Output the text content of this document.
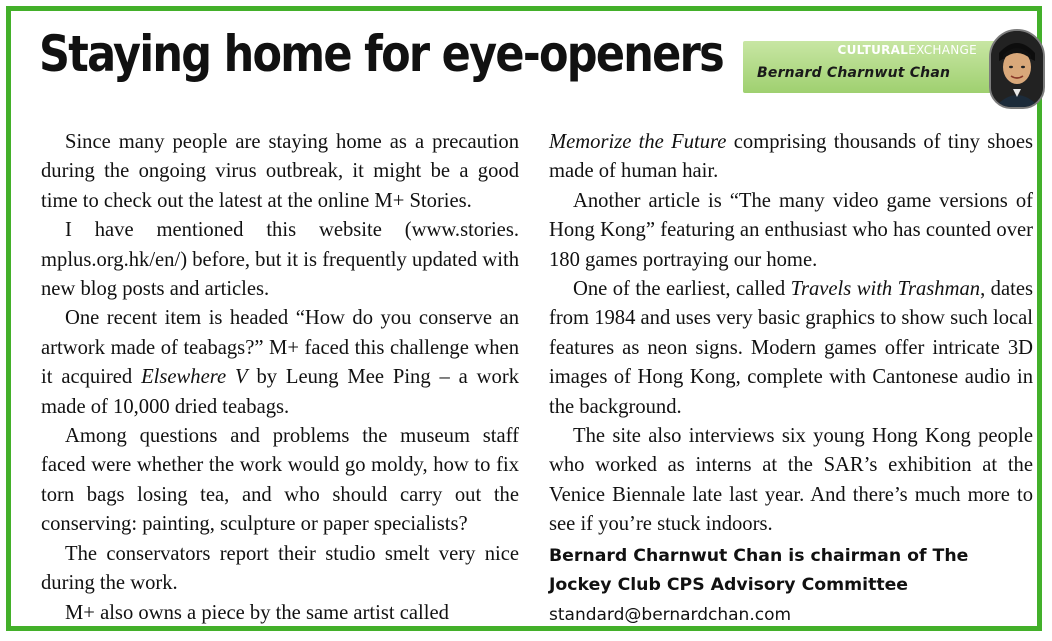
Staying home for eye-openers	CULTURALEXCHANGE
Bernard Charnwut Chan

Since many people are staying home as a precaution during the ongoing virus outbreak, it might be a good time to check out the latest at the online M+ Stories.

I have mentioned this website (www.stories. mplus.org.hk/en/) before, but it is frequently updated with new blog posts and articles.

One recent item is headed “How do you conserve an artwork made of teabags?” M+ faced this challenge when it acquired Elsewhere V by Leung Mee Ping – a work made of 10,000 dried teabags.

Among questions and problems the museum staff faced were whether the work would go moldy, how to fix torn bags losing tea, and who should carry out the conserving: painting, sculpture or paper specialists?

The conservators report their studio smelt very nice during the work.

M+ also owns a piece by the same artist called

Memorize the Future comprising thousands of tiny shoes made of human hair.

Another article is “The many video game versions of Hong Kong” featuring an enthusiast who has counted over 180 games portraying our home.

One of the earliest, called Travels with Trashman, dates from 1984 and uses very basic graphics to show such local features as neon signs. Modern games offer intricate 3D images of Hong Kong, complete with Cantonese audio in the background.

The site also interviews six young Hong Kong people who worked as interns at the SAR’s exhibition at the Venice Biennale late last year. And there’s much more to see if you’re stuck indoors.

Bernard Charnwut Chan is chairman of The Jockey Club CPS Advisory Committee

standard@bernardchan.com
